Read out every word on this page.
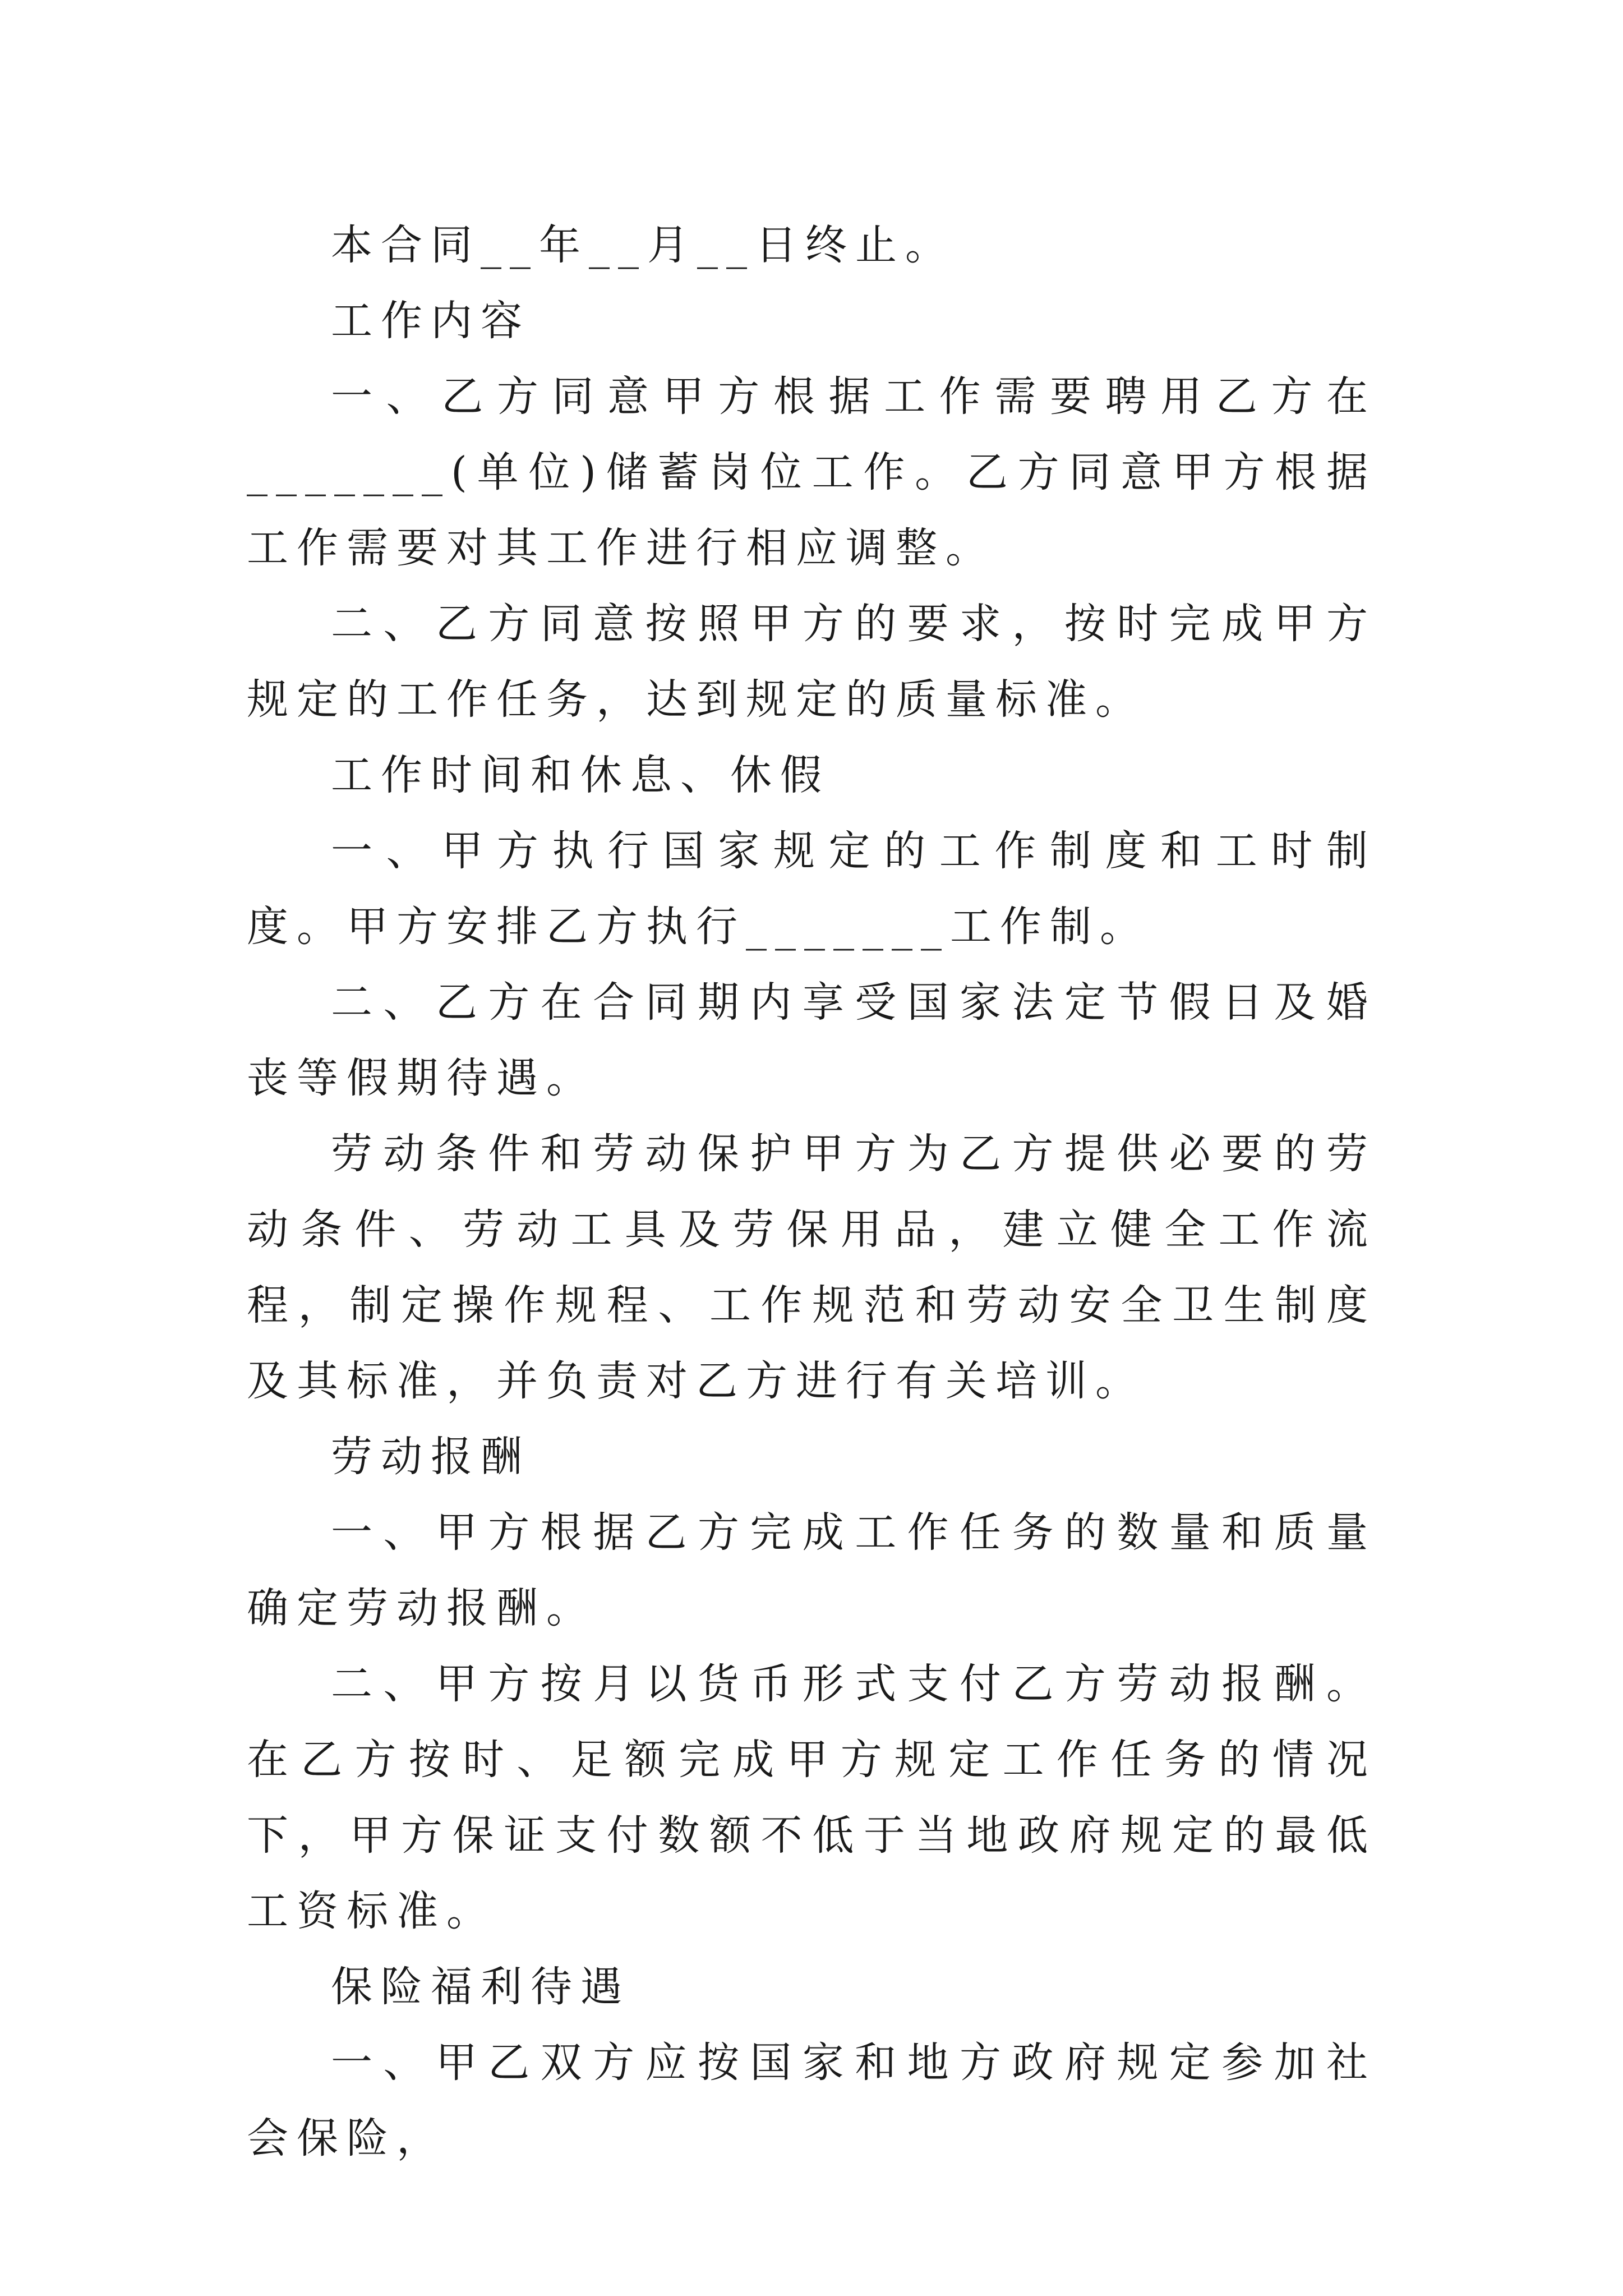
本合同__年__月__日终止。

工作内容

一、乙方同意甲方根据工作需要聘用乙方在_______(单位)储蓄岗位工作。乙方同意甲方根据工作需要对其工作进行相应调整。

二、乙方同意按照甲方的要求，按时完成甲方规定的工作任务，达到规定的质量标准。

工作时间和休息、休假

一、甲方执行国家规定的工作制度和工时制度。甲方安排乙方执行_______工作制。

二、乙方在合同期内享受国家法定节假日及婚丧等假期待遇。

劳动条件和劳动保护甲方为乙方提供必要的劳动条件、劳动工具及劳保用品，建立健全工作流程，制定操作规程、工作规范和劳动安全卫生制度及其标准，并负责对乙方进行有关培训。

劳动报酬

一、甲方根据乙方完成工作任务的数量和质量确定劳动报酬。

二、甲方按月以货币形式支付乙方劳动报酬。在乙方按时、足额完成甲方规定工作任务的情况下，甲方保证支付数额不低于当地政府规定的最低工资标准。

保险福利待遇

一、甲乙双方应按国家和地方政府规定参加社会保险，
